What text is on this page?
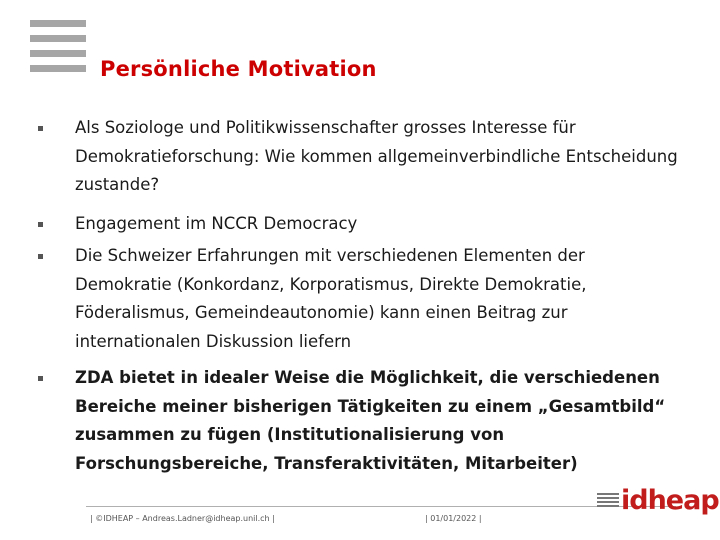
Persönliche Motivation
Als Soziologe und Politikwissenschafter grosses Interesse für Demokratieforschung: Wie kommen allgemeinverbindliche Entscheidung zustande?
Engagement im NCCR Democracy
Die Schweizer Erfahrungen mit verschiedenen Elementen der Demokratie (Konkordanz, Korporatismus, Direkte Demokratie, Föderalismus, Gemeindeautonomie) kann einen Beitrag zur internationalen Diskussion liefern
ZDA bietet in idealer Weise die Möglichkeit, die verschiedenen Bereiche meiner bisherigen Tätigkeiten zu einem „Gesamtbild“ zusammen zu fügen (Institutionalisierung von Forschungsbereiche, Transferaktivitäten, Mitarbeiter)
| ©IDHEAP – Andreas.Ladner@idheap.unil.ch |	| 01/01/2022 |
idheap
